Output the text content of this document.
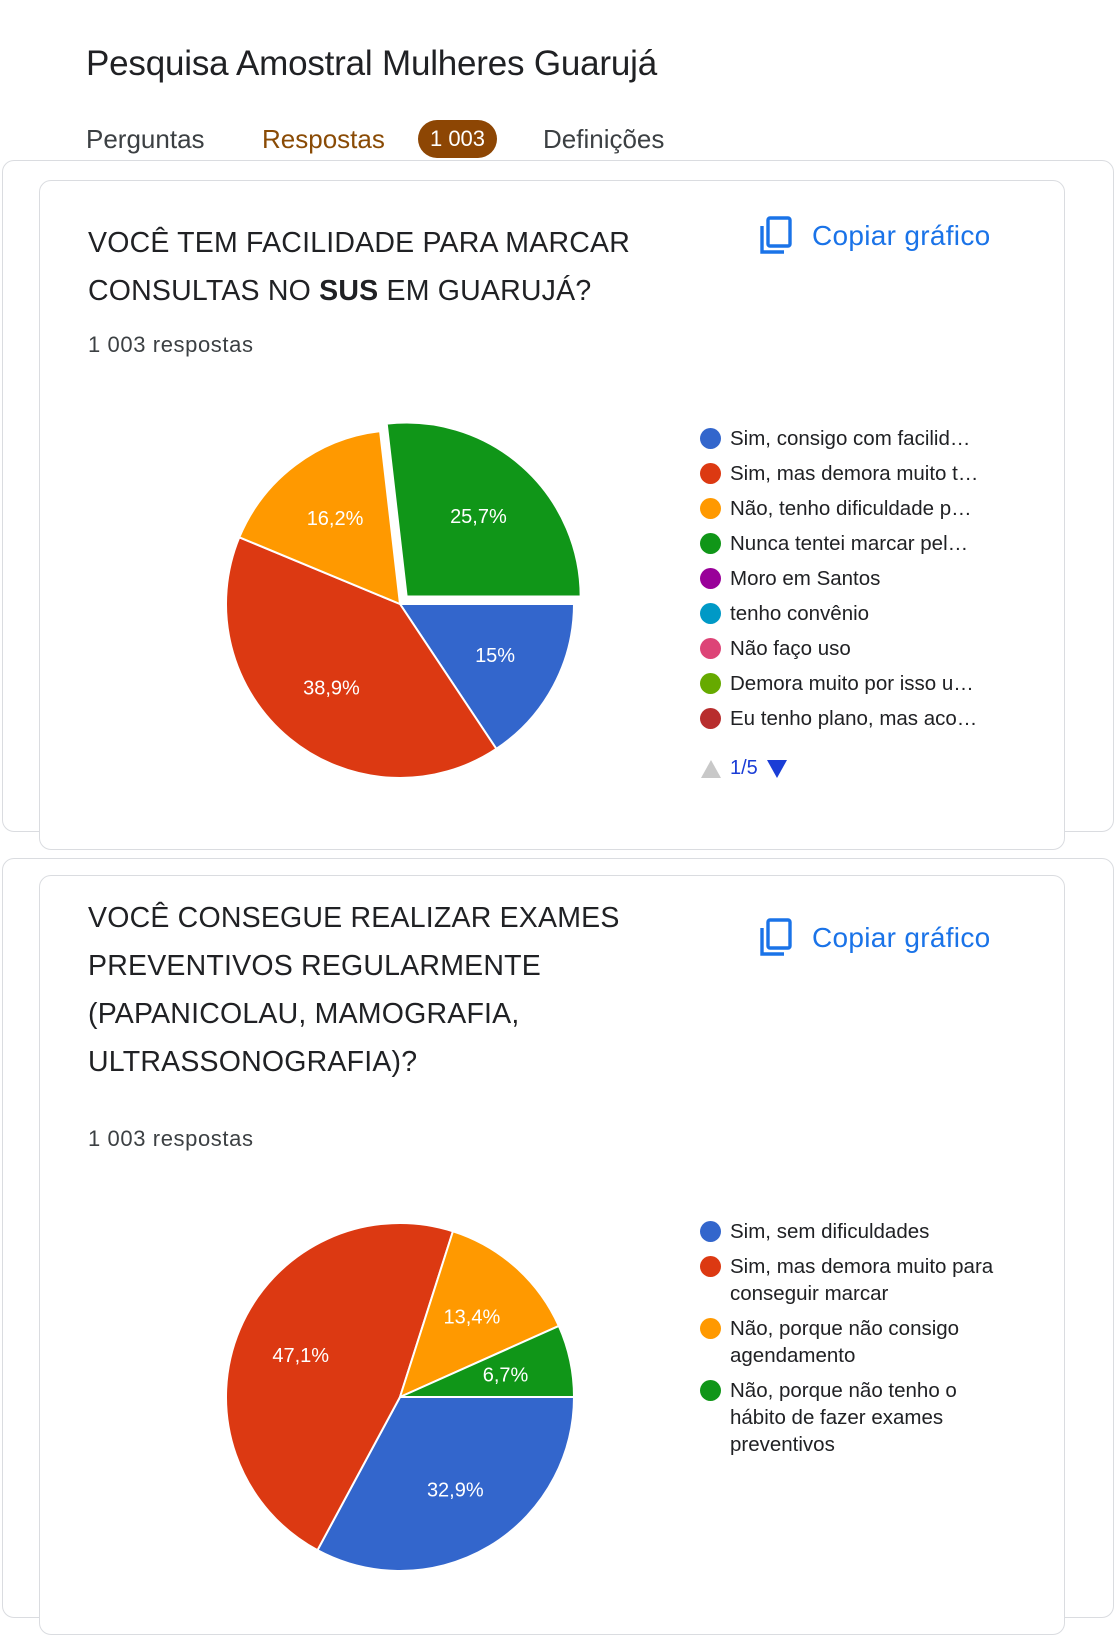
Pesquisa Amostral Mulheres Guarujá
Perguntas Respostas	1 003	Definições
VOCÊ TEM FACILIDADE PARA MARCAR
CONSULTAS NO SUS EM GUARUJÁ?
1 003 respostas
Copiar gráfico
15%
38,9%
16,2%	25,7%
Sim, consigo com facilid…
Sim, mas demora muito t…
Não, tenho dificuldade p…
Nunca tentei marcar pel…
Moro em Santos
tenho convênio
Não faço uso
Demora muito por isso u…
Eu tenho plano, mas aco…
1/5
VOCÊ CONSEGUE REALIZAR EXAMES
PREVENTIVOS REGULARMENTE
(PAPANICOLAU, MAMOGRAFIA,
ULTRASSONOGRAFIA)?
1 003 respostas
Copiar gráfico
32,9%
47,1%
13,4%
6,7%
Sim, sem dificuldades
Sim, mas demora muito para conseguir marcar
Não, porque não consigo agendamento
Não, porque não tenho o hábito de fazer exames preventivos
